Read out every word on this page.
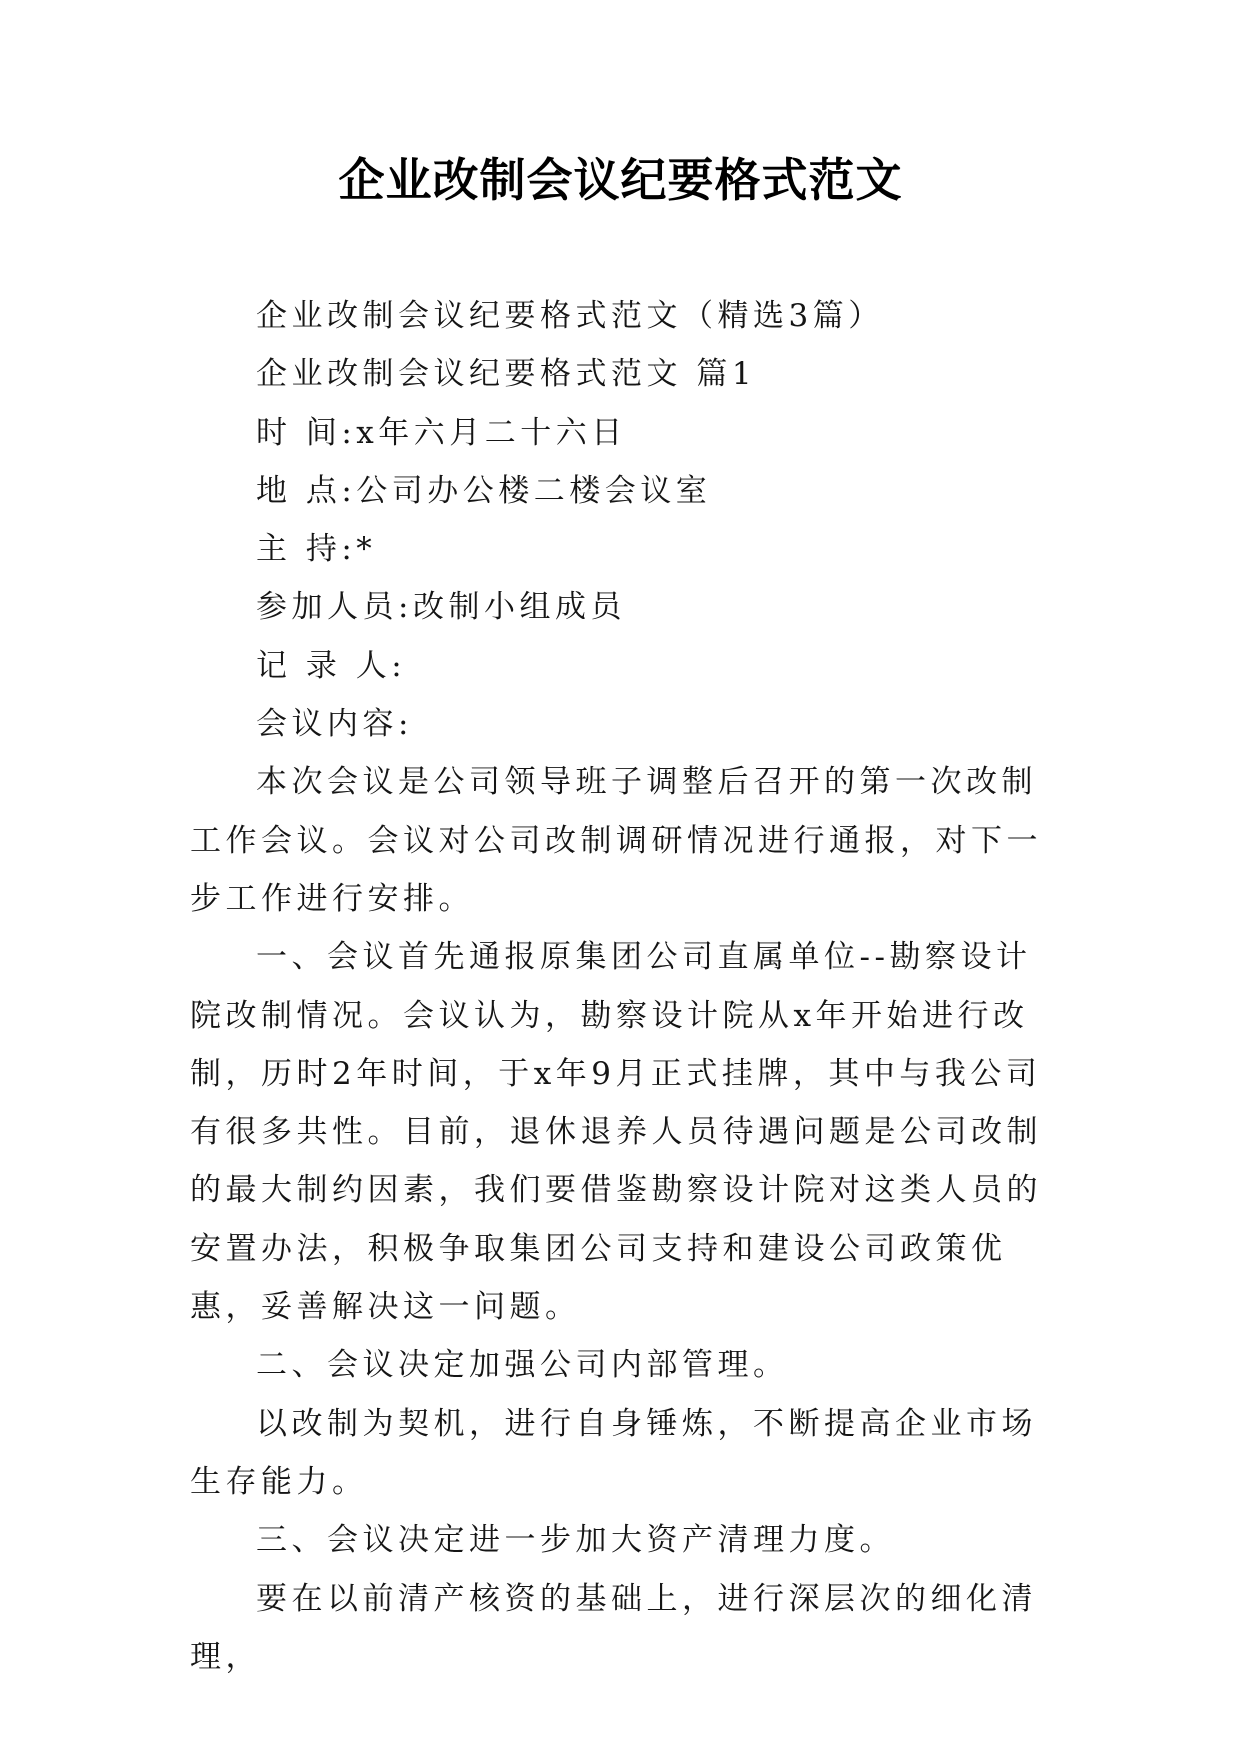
企业改制会议纪要格式范文

企业改制会议纪要格式范文（精选3篇）

企业改制会议纪要格式范文 篇1

时 间:x年六月二十六日

地 点:公司办公楼二楼会议室

主 持:*

参加人员:改制小组成员

记 录 人:

会议内容:

本次会议是公司领导班子调整后召开的第一次改制工作会议。会议对公司改制调研情况进行通报，对下一步工作进行安排。

一、会议首先通报原集团公司直属单位--勘察设计院改制情况。会议认为，勘察设计院从x年开始进行改制，历时2年时间，于x年9月正式挂牌，其中与我公司有很多共性。目前，退休退养人员待遇问题是公司改制的最大制约因素，我们要借鉴勘察设计院对这类人员的安置办法，积极争取集团公司支持和建设公司政策优惠，妥善解决这一问题。

二、会议决定加强公司内部管理。

以改制为契机，进行自身锤炼，不断提高企业市场生存能力。

三、会议决定进一步加大资产清理力度。

要在以前清产核资的基础上，进行深层次的细化清理，
